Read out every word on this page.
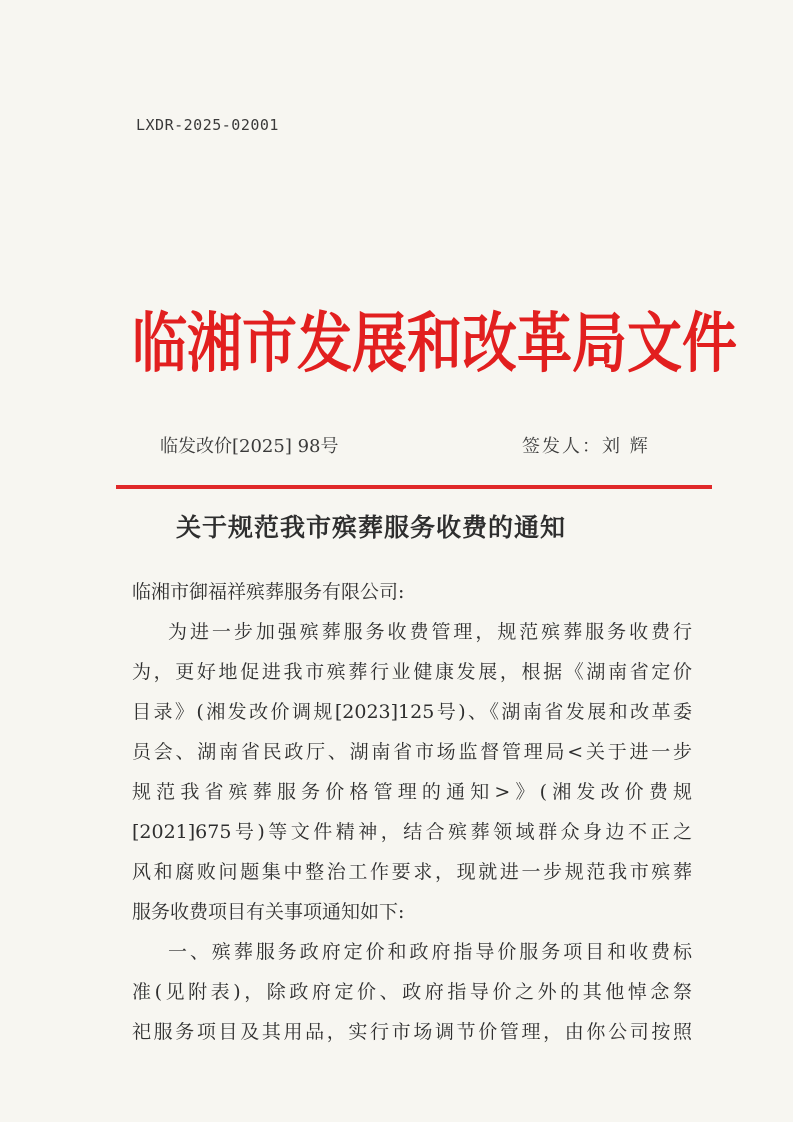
LXDR-2025-02001
临湘市发展和改革局文件
临发改价[2025] 98号	签发人：刘 辉
关于规范我市殡葬服务收费的通知
临湘市御福祥殡葬服务有限公司:
为进一步加强殡葬服务收费管理，规范殡葬服务收费行
为，更好地促进我市殡葬行业健康发展，根据《湖南省定价
目录》(湘发改价调规[2023]125号)、《湖南省发展和改革委
员会、湖南省民政厅、湖南省市场监督管理局<关于进一步
规范我省殡葬服务价格管理的通知>》(湘发改价费规
[2021]675号)等文件精神，结合殡葬领域群众身边不正之
风和腐败问题集中整治工作要求，现就进一步规范我市殡葬
服务收费项目有关事项通知如下:
一、殡葬服务政府定价和政府指导价服务项目和收费标
准(见附表)，除政府定价、政府指导价之外的其他悼念祭
祀服务项目及其用品，实行市场调节价管理，由你公司按照
